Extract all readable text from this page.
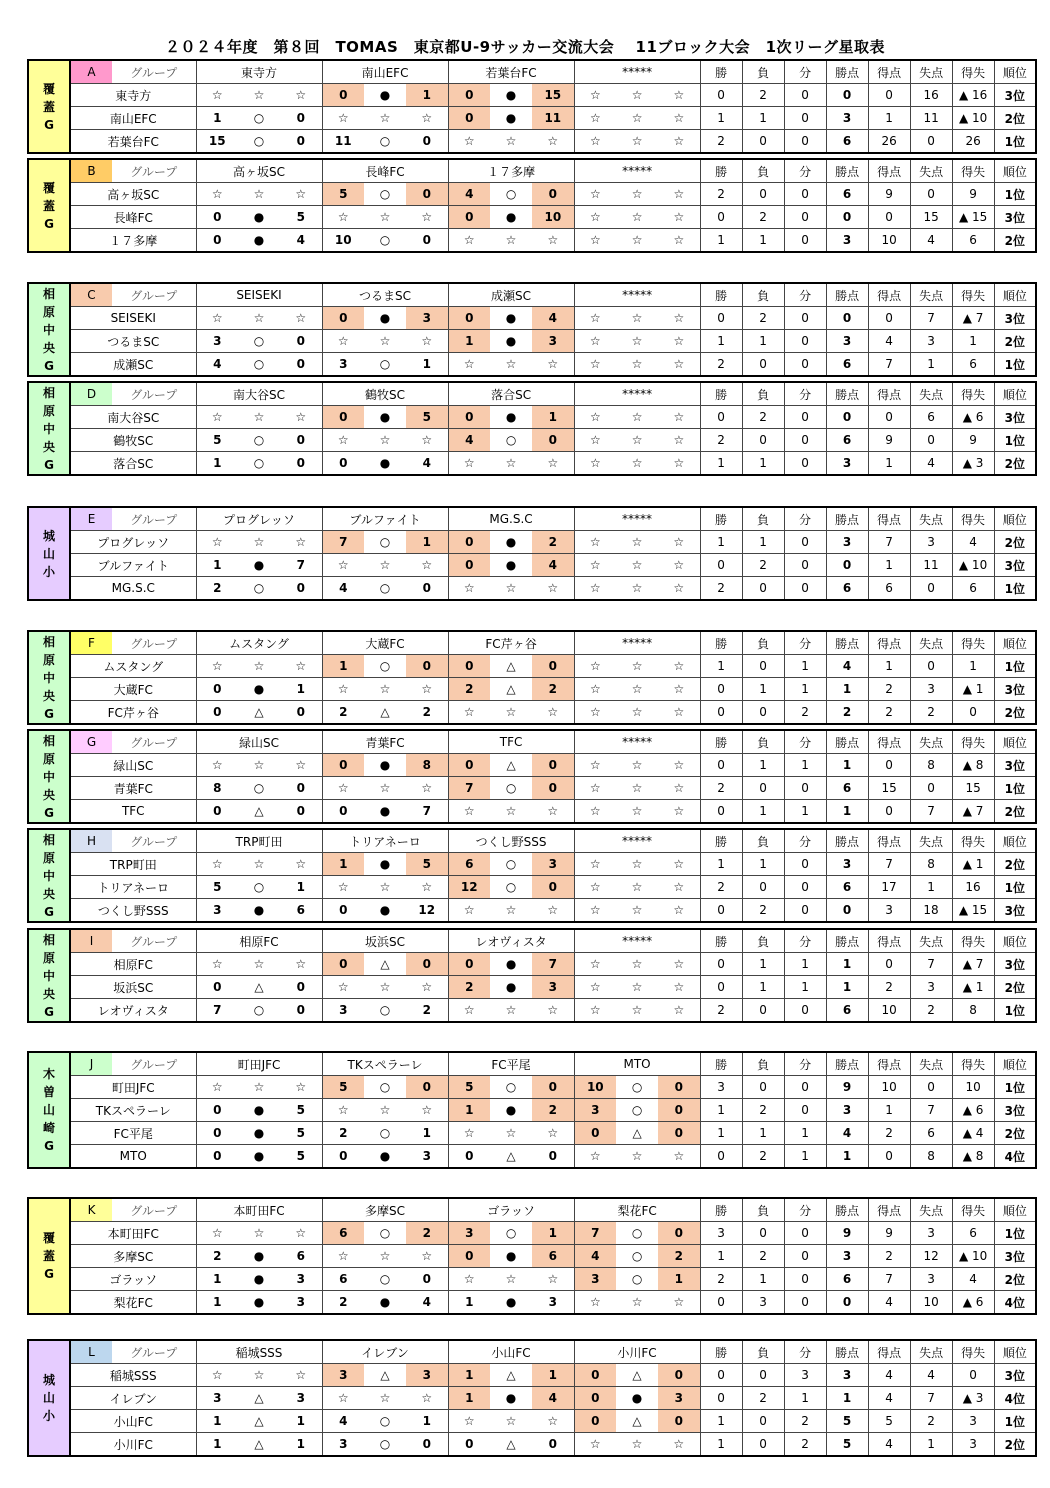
２０２４年度　第８回　TOMAS　東京都U-9サッカー交流大会　 11ブロック大会　1次リーグ星取表
覆
蓋
G	A	グループ	東寺方			南山EFC			若葉台FC			*****			勝	負	分	勝点	得点	失点	得失	順位
	東寺方		☆	☆	☆	0	●	1	0	●	15	☆	☆	☆	0	2	0	0	0	16	▲ 16	3位
	南山EFC		1	○	0	☆	☆	☆	0	●	11	☆	☆	☆	1	1	0	3	1	11	▲ 10	2位
	若葉台FC		15	○	0	11	○	0	☆	☆	☆	☆	☆	☆	2	0	0	6	26	0	26	1位
覆
蓋
G	B	グループ	高ヶ坂SC			長峰FC			１７多摩			*****			勝	負	分	勝点	得点	失点	得失	順位
	高ヶ坂SC		☆	☆	☆	5	○	0	4	○	0	☆	☆	☆	2	0	0	6	9	0	9	1位
	長峰FC		0	●	5	☆	☆	☆	0	●	10	☆	☆	☆	0	2	0	0	0	15	▲ 15	3位
	１７多摩		0	●	4	10	○	0	☆	☆	☆	☆	☆	☆	1	1	0	3	10	4	6	2位
相
原
中
央
G	C	グループ	SEISEKI			つるまSC			成瀬SC			*****			勝	負	分	勝点	得点	失点	得失	順位
	SEISEKI		☆	☆	☆	0	●	3	0	●	4	☆	☆	☆	0	2	0	0	0	7	▲ 7	3位
	つるまSC		3	○	0	☆	☆	☆	1	●	3	☆	☆	☆	1	1	0	3	4	3	1	2位
	成瀬SC		4	○	0	3	○	1	☆	☆	☆	☆	☆	☆	2	0	0	6	7	1	6	1位
相
原
中
央
G	D	グループ	南大谷SC			鶴牧SC			落合SC			*****			勝	負	分	勝点	得点	失点	得失	順位
	南大谷SC		☆	☆	☆	0	●	5	0	●	1	☆	☆	☆	0	2	0	0	0	6	▲ 6	3位
	鶴牧SC		5	○	0	☆	☆	☆	4	○	0	☆	☆	☆	2	0	0	6	9	0	9	1位
	落合SC		1	○	0	0	●	4	☆	☆	☆	☆	☆	☆	1	1	0	3	1	4	▲ 3	2位
城
山
小	E	グループ	プログレッソ			ブルファイト			MG.S.C			*****			勝	負	分	勝点	得点	失点	得失	順位
	プログレッソ		☆	☆	☆	7	○	1	0	●	2	☆	☆	☆	1	1	0	3	7	3	4	2位
	ブルファイト		1	●	7	☆	☆	☆	0	●	4	☆	☆	☆	0	2	0	0	1	11	▲ 10	3位
	MG.S.C		2	○	0	4	○	0	☆	☆	☆	☆	☆	☆	2	0	0	6	6	0	6	1位
相
原
中
央
G	F	グループ	ムスタング			大蔵FC			FC芹ヶ谷			*****			勝	負	分	勝点	得点	失点	得失	順位
	ムスタング		☆	☆	☆	1	○	0	0	△	0	☆	☆	☆	1	0	1	4	1	0	1	1位
	大蔵FC		0	●	1	☆	☆	☆	2	△	2	☆	☆	☆	0	1	1	1	2	3	▲ 1	3位
	FC芹ヶ谷		0	△	0	2	△	2	☆	☆	☆	☆	☆	☆	0	0	2	2	2	2	0	2位
相
原
中
央
G	G	グループ	緑山SC			青葉FC			TFC			*****			勝	負	分	勝点	得点	失点	得失	順位
	緑山SC		☆	☆	☆	0	●	8	0	△	0	☆	☆	☆	0	1	1	1	0	8	▲ 8	3位
	青葉FC		8	○	0	☆	☆	☆	7	○	0	☆	☆	☆	2	0	0	6	15	0	15	1位
	TFC		0	△	0	0	●	7	☆	☆	☆	☆	☆	☆	0	1	1	1	0	7	▲ 7	2位
相
原
中
央
G	H	グループ	TRP町田			トリアネーロ			つくし野SSS			*****			勝	負	分	勝点	得点	失点	得失	順位
	TRP町田		☆	☆	☆	1	●	5	6	○	3	☆	☆	☆	1	1	0	3	7	8	▲ 1	2位
	トリアネーロ		5	○	1	☆	☆	☆	12	○	0	☆	☆	☆	2	0	0	6	17	1	16	1位
	つくし野SSS		3	●	6	0	●	12	☆	☆	☆	☆	☆	☆	0	2	0	0	3	18	▲ 15	3位
相
原
中
央
G	I	グループ	相原FC			坂浜SC			レオヴィスタ			*****			勝	負	分	勝点	得点	失点	得失	順位
	相原FC		☆	☆	☆	0	△	0	0	●	7	☆	☆	☆	0	1	1	1	0	7	▲ 7	3位
	坂浜SC		0	△	0	☆	☆	☆	2	●	3	☆	☆	☆	0	1	1	1	2	3	▲ 1	2位
	レオヴィスタ		7	○	0	3	○	2	☆	☆	☆	☆	☆	☆	2	0	0	6	10	2	8	1位
木
曽
山
崎
G	J	グループ	町田JFC			TKスペラーレ			FC平尾			MTO			勝	負	分	勝点	得点	失点	得失	順位
	町田JFC		☆	☆	☆	5	○	0	5	○	0	10	○	0	3	0	0	9	10	0	10	1位
	TKスペラーレ		0	●	5	☆	☆	☆	1	●	2	3	○	0	1	2	0	3	1	7	▲ 6	3位
	FC平尾		0	●	5	2	○	1	☆	☆	☆	0	△	0	1	1	1	4	2	6	▲ 4	2位
	MTO		0	●	5	0	●	3	0	△	0	☆	☆	☆	0	2	1	1	0	8	▲ 8	4位
覆
蓋
G	K	グループ	本町田FC			多摩SC			ゴラッソ			梨花FC			勝	負	分	勝点	得点	失点	得失	順位
	本町田FC		☆	☆	☆	6	○	2	3	○	1	7	○	0	3	0	0	9	9	3	6	1位
	多摩SC		2	●	6	☆	☆	☆	0	●	6	4	○	2	1	2	0	3	2	12	▲ 10	3位
	ゴラッソ		1	●	3	6	○	0	☆	☆	☆	3	○	1	2	1	0	6	7	3	4	2位
	梨花FC		1	●	3	2	●	4	1	●	3	☆	☆	☆	0	3	0	0	4	10	▲ 6	4位
城
山
小	L	グループ	稲城SSS			イレブン			小山FC			小川FC			勝	負	分	勝点	得点	失点	得失	順位
	稲城SSS		☆	☆	☆	3	△	3	1	△	1	0	△	0	0	0	3	3	4	4	0	3位
	イレブン		3	△	3	☆	☆	☆	1	●	4	0	●	3	0	2	1	1	4	7	▲ 3	4位
	小山FC		1	△	1	4	○	1	☆	☆	☆	0	△	0	1	0	2	5	5	2	3	1位
	小川FC		1	△	1	3	○	0	0	△	0	☆	☆	☆	1	0	2	5	4	1	3	2位
